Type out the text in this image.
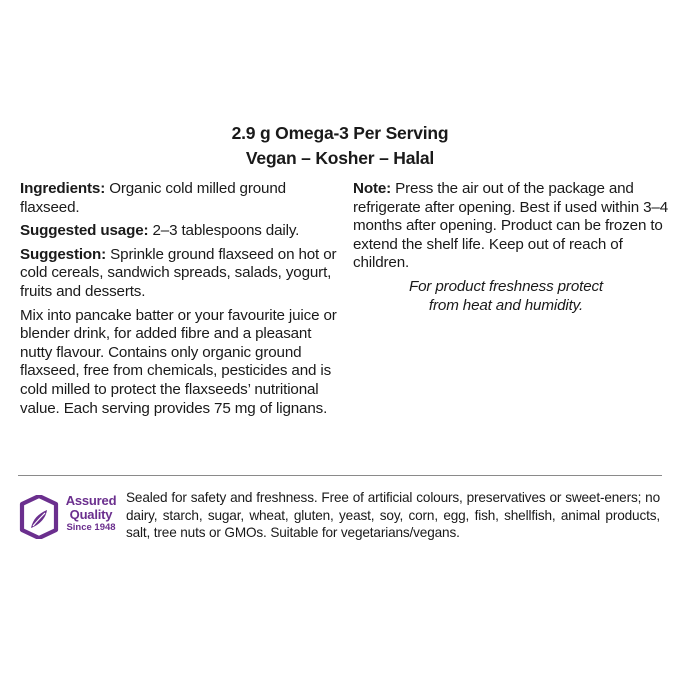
2.9 g Omega-3 Per Serving
Vegan – Kosher – Halal
Ingredients: Organic cold milled ground flaxseed.
Suggested usage: 2–3 tablespoons daily.
Suggestion: Sprinkle ground flaxseed on hot or cold cereals, sandwich spreads, salads, yogurt, fruits and desserts.
Mix into pancake batter or your favourite juice or blender drink, for added fibre and a pleasant nutty flavour. Contains only organic ground flaxseed, free from chemicals, pesticides and is cold milled to protect the flaxseeds’ nutritional value. Each serving provides 75 mg of lignans.
Note: Press the air out of the package and refrigerate after opening. Best if used within 3–4 months after opening. Product can be frozen to extend the shelf life. Keep out of reach of children.
For product freshness protect
from heat and humidity.
Assured
Quality
Since 1948
Sealed for safety and freshness. Free of artificial colours, preservatives or sweet-eners; no dairy, starch, sugar, wheat, gluten, yeast, soy, corn, egg, fish, shellfish, animal products, salt, tree nuts or GMOs. Suitable for vegetarians/vegans.
